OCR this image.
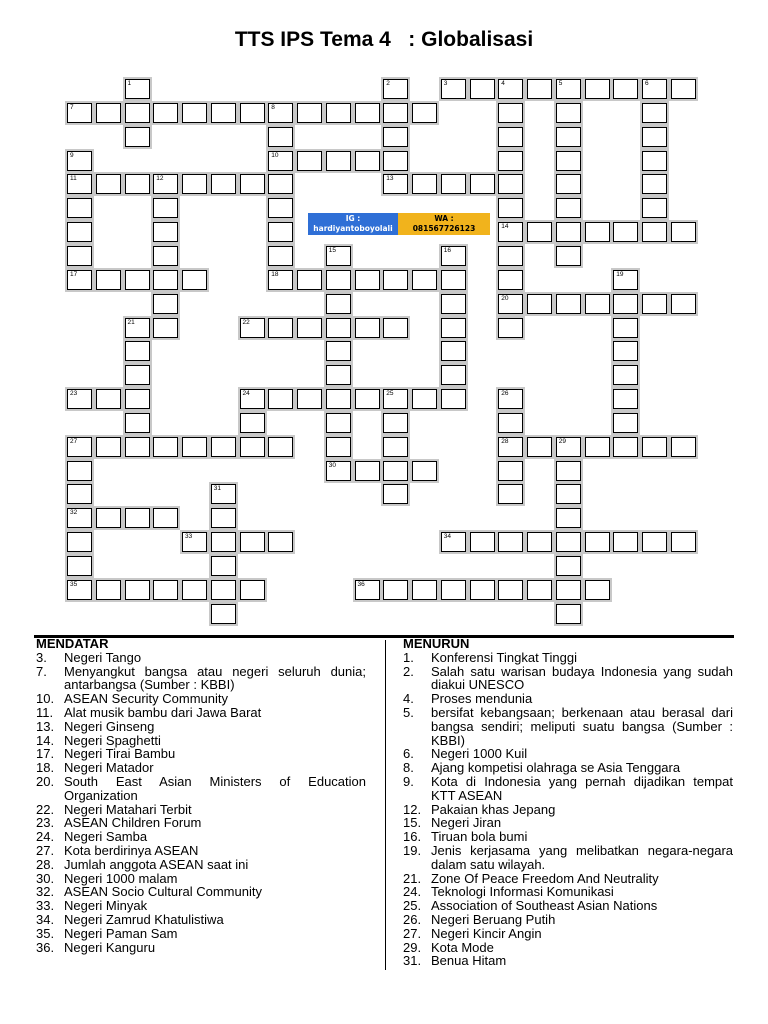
TTS IPS Tema 4   : Globalisasi
1	2
13
3	4	5	6
14
20
7	8
10
18
9
11	12
15	16
17	19
21	22
23	24	25	26
28
27
32
35
29
30
31
33	34
36
IG :
hardiyantoboyolali
WA :
081567726123
MENDATAR
3.	Negeri Tango
7.	Menyangkut bangsa atau negeri seluruh dunia; antarbangsa (Sumber : KBBI)
10. ASEAN Security Community
11. Alat musik bambu dari Jawa Barat
13. Negeri Ginseng
14. Negeri Spaghetti
17. Negeri Tirai Bambu
18. Negeri Matador
20. South East Asian Ministers of Education Organization
22. Negeri Matahari Terbit
23. ASEAN Children Forum
24. Negeri Samba
27. Kota berdirinya ASEAN
28. Jumlah anggota ASEAN saat ini
30. Negeri 1000 malam
32. ASEAN Socio Cultural Community
33. Negeri Minyak
34. Negeri Zamrud Khatulistiwa
35. Negeri Paman Sam
36. Negeri Kanguru
MENURUN
1.	Konferensi Tingkat Tinggi
2.	Salah satu warisan budaya Indonesia yang sudah diakui UNESCO
4.	Proses mendunia
5.	bersifat kebangsaan; berkenaan atau berasal dari bangsa sendiri; meliputi suatu bangsa (Sumber : KBBI)
6.	Negeri 1000 Kuil
8.	Ajang kompetisi olahraga se Asia Tenggara
9.	Kota di Indonesia yang pernah dijadikan tempat KTT ASEAN
12. Pakaian khas Jepang
15. Negeri Jiran
16. Tiruan bola bumi
19. Jenis kerjasama yang melibatkan negara-negara dalam satu wilayah.
21. Zone Of Peace Freedom And Neutrality
24. Teknologi Informasi Komunikasi
25. Association of Southeast Asian Nations
26. Negeri Beruang Putih
27. Negeri Kincir Angin
29. Kota Mode
31. Benua Hitam
